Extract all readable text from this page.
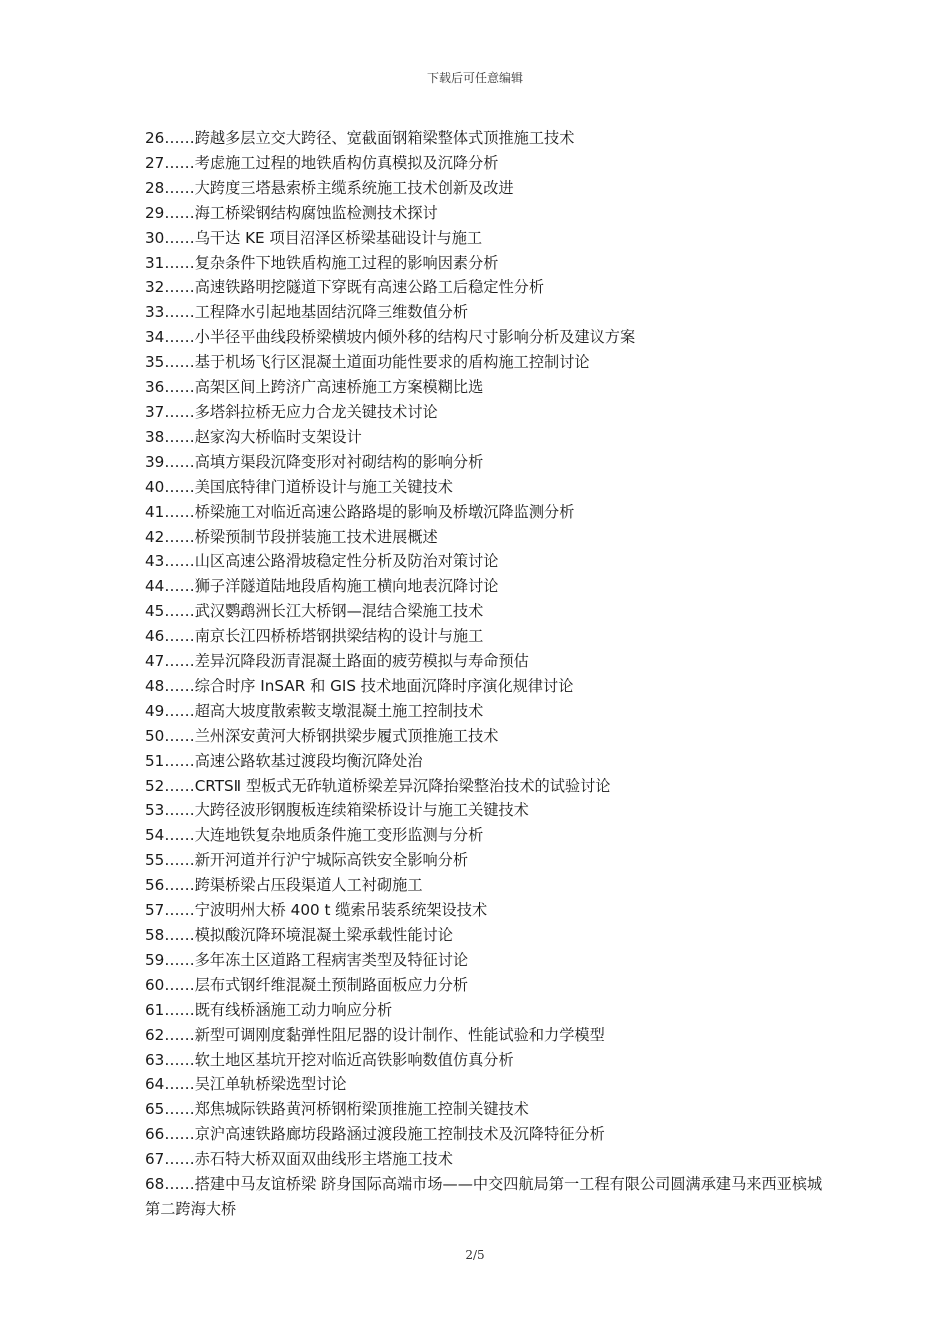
下载后可任意编辑
26……跨越多层立交大跨径、宽截面钢箱梁整体式顶推施工技术
27……考虑施工过程的地铁盾构仿真模拟及沉降分析
28……大跨度三塔悬索桥主缆系统施工技术创新及改进
29……海工桥梁钢结构腐蚀监检测技术探讨
30……乌干达 KE 项目沼泽区桥梁基础设计与施工
31……复杂条件下地铁盾构施工过程的影响因素分析
32……高速铁路明挖隧道下穿既有高速公路工后稳定性分析
33……工程降水引起地基固结沉降三维数值分析
34……小半径平曲线段桥梁横坡内倾外移的结构尺寸影响分析及建议方案
35……基于机场飞行区混凝土道面功能性要求的盾构施工控制讨论
36……高架区间上跨济广高速桥施工方案模糊比选
37……多塔斜拉桥无应力合龙关键技术讨论
38……赵家沟大桥临时支架设计
39……高填方渠段沉降变形对衬砌结构的影响分析
40……美国底特律门道桥设计与施工关键技术
41……桥梁施工对临近高速公路路堤的影响及桥墩沉降监测分析
42……桥梁预制节段拼装施工技术进展概述
43……山区高速公路滑坡稳定性分析及防治对策讨论
44……狮子洋隧道陆地段盾构施工横向地表沉降讨论
45……武汉鹦鹉洲长江大桥钢—混结合梁施工技术
46……南京长江四桥桥塔钢拱梁结构的设计与施工
47……差异沉降段沥青混凝土路面的疲劳模拟与寿命预估
48……综合时序 InSAR 和 GIS 技术地面沉降时序演化规律讨论
49……超高大坡度散索鞍支墩混凝土施工控制技术
50……兰州深安黄河大桥钢拱梁步履式顶推施工技术
51……高速公路软基过渡段均衡沉降处治
52……CRTSⅡ 型板式无砟轨道桥梁差异沉降抬梁整治技术的试验讨论
53……大跨径波形钢腹板连续箱梁桥设计与施工关键技术
54……大连地铁复杂地质条件施工变形监测与分析
55……新开河道并行沪宁城际高铁安全影响分析
56……跨渠桥梁占压段渠道人工衬砌施工
57……宁波明州大桥 400 t 缆索吊装系统架设技术
58……模拟酸沉降环境混凝土梁承载性能讨论
59……多年冻土区道路工程病害类型及特征讨论
60……层布式钢纤维混凝土预制路面板应力分析
61……既有线桥涵施工动力响应分析
62……新型可调刚度黏弹性阻尼器的设计制作、性能试验和力学模型
63……软土地区基坑开挖对临近高铁影响数值仿真分析
64……吴江单轨桥梁选型讨论
65……郑焦城际铁路黄河桥钢桁梁顶推施工控制关键技术
66……京沪高速铁路廊坊段路涵过渡段施工控制技术及沉降特征分析
67……赤石特大桥双面双曲线形主塔施工技术
68……搭建中马友谊桥梁 跻身国际高端市场——中交四航局第一工程有限公司圆满承建马来西亚槟城第二跨海大桥
2/5
